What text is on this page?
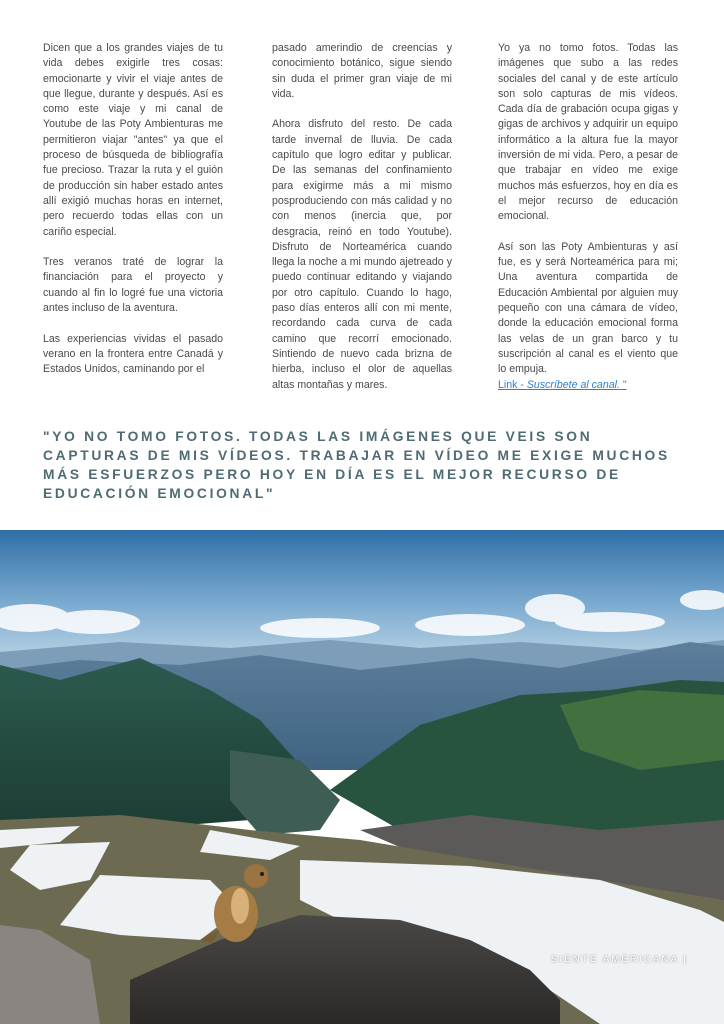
Dicen que a los grandes viajes de tu vida debes exigirle tres cosas: emocionarte y vivir el viaje antes de que llegue, durante y después. Así es como este viaje y mi canal de Youtube de las Poty Ambienturas me permitieron viajar "antes" ya que el proceso de búsqueda de bibliografía fue precioso. Trazar la ruta y el guión de producción sin haber estado antes allí exigió muchas horas en internet, pero recuerdo todas ellas con un cariño especial.

Tres veranos traté de lograr la financiación para el proyecto y cuando al fin lo logré fue una victoria antes incluso de la aventura.

Las experiencias vividas el pasado verano en la frontera entre Canadá y Estados Unidos, caminando por el

pasado amerindio de creencias y conocimiento botánico, sigue siendo sin duda el primer gran viaje de mi vida.

Ahora disfruto del resto. De cada tarde invernal de lluvia. De cada capítulo que logro editar y publicar. De las semanas del confinamiento para exigirme más a mi mismo posproduciendo con más calidad y no con menos (inercia que, por desgracia, reinó en todo Youtube). Disfruto de Norteamérica cuando llega la noche a mi mundo ajetreado y puedo continuar editando y viajando por otro capítulo. Cuando lo hago, paso días enteros allí con mi mente, recordando cada curva de cada camino que recorrí emocionado. Sintiendo de nuevo cada brizna de hierba, incluso el olor de aquellas altas montañas y mares.

Yo ya no tomo fotos. Todas las imágenes que subo a las redes sociales del canal y de este artículo son solo capturas de mis vídeos. Cada día de grabación ocupa gigas y gigas de archivos y adquirir un equipo informático a la altura fue la mayor inversión de mi vida. Pero, a pesar de que trabajar en vídeo me exige muchos más esfuerzos, hoy en día es el mejor recurso de educación emocional.

Así son las Poty Ambienturas y así fue, es y será Norteamérica para mi; Una aventura compartida de Educación Ambiental por alguien muy pequeño con una cámara de vídeo, donde la educación emocional forma las velas de un gran barco y tu suscripción al canal es el viento que lo empuja.
Link - Suscríbete al canal. "

"YO NO TOMO FOTOS. TODAS LAS IMÁGENES QUE VEIS SON CAPTURAS DE MIS VÍDEOS. TRABAJAR EN VÍDEO ME EXIGE MUCHOS MÁS ESFUERZOS PERO HOY EN DÍA ES EL MEJOR RECURSO DE EDUCACIÓN EMOCIONAL"

SIENTE AMERICANA |
